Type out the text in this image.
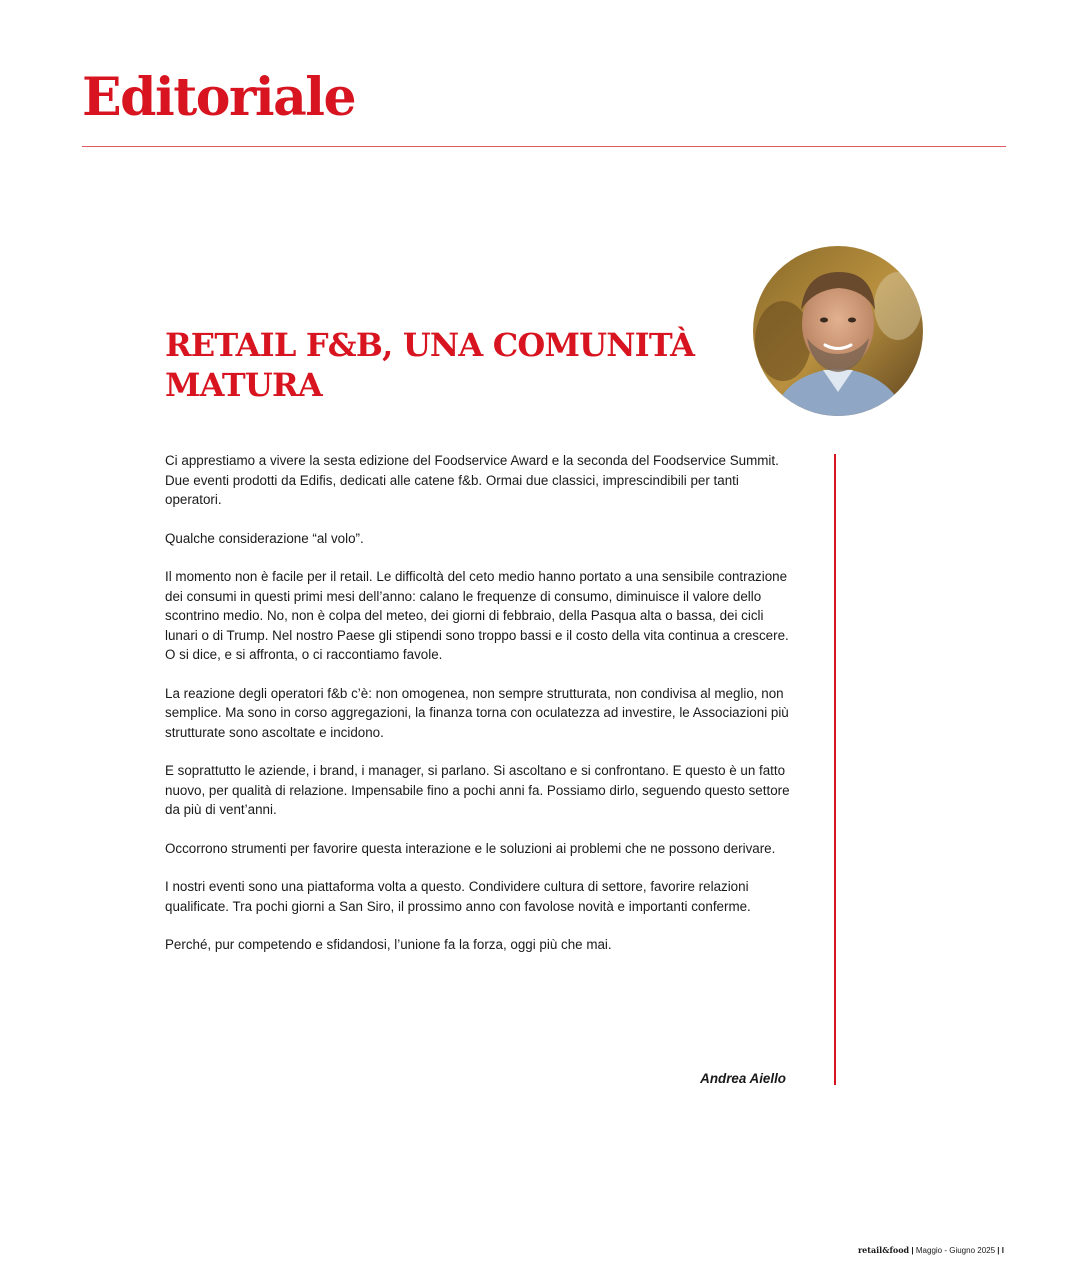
Editoriale
RETAIL F&B, UNA COMUNITÀ MATURA

Ci apprestiamo a vivere la sesta edizione del Foodservice Award e la seconda del Foodservice Summit. Due eventi prodotti da Edifis, dedicati alle catene f&b. Ormai due classici, imprescindibili per tanti operatori.

Qualche considerazione “al volo”.

Il momento non è facile per il retail. Le difficoltà del ceto medio hanno portato a una sensibile contrazione dei consumi in questi primi mesi dell’anno: calano le frequenze di consumo, diminuisce il valore dello scontrino medio. No, non è colpa del meteo, dei giorni di febbraio, della Pasqua alta o bassa, dei cicli lunari o di Trump. Nel nostro Paese gli stipendi sono troppo bassi e il costo della vita continua a crescere. O si dice, e si affronta, o ci raccontiamo favole.

La reazione degli operatori f&b c’è: non omogenea, non sempre strutturata, non condivisa al meglio, non semplice. Ma sono in corso aggregazioni, la finanza torna con oculatezza ad investire, le Associazioni più strutturate sono ascoltate e incidono.

E soprattutto le aziende, i brand, i manager, si parlano. Si ascoltano e si confrontano. E questo è un fatto nuovo, per qualità di relazione. Impensabile fino a pochi anni fa. Possiamo dirlo, seguendo questo settore da più di vent’anni.

Occorrono strumenti per favorire questa interazione e le soluzioni ai problemi che ne possono derivare.

I nostri eventi sono una piattaforma volta a questo. Condividere cultura di settore, favorire relazioni qualificate. Tra pochi giorni a San Siro, il prossimo anno con favolose novità e importanti conferme.

Perché, pur competendo e sfidandosi, l’unione fa la forza, oggi più che mai.

Andrea Aiello
retail&food | Maggio - Giugno 2025 | I
